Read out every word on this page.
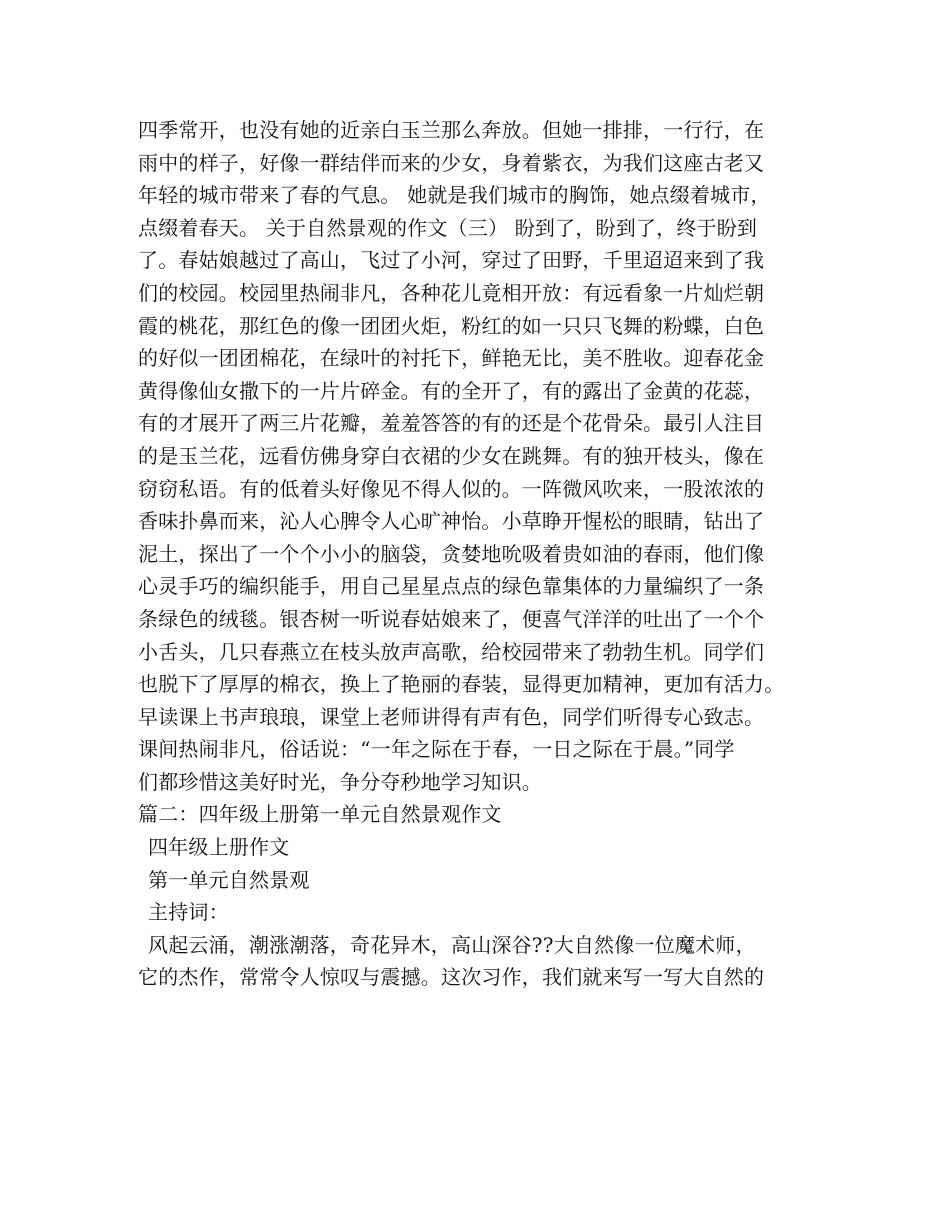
四季常开，也没有她的近亲白玉兰那么奔放。但她一排排，一行行，在
雨中的样子，好像一群结伴而来的少女，身着紫衣，为我们这座古老又
年轻的城市带来了春的气息。 她就是我们城市的胸饰，她点缀着城市，
点缀着春天。 关于自然景观的作文（三） 盼到了，盼到了，终于盼到
了。春姑娘越过了高山，飞过了小河，穿过了田野，千里迢迢来到了我
们的校园。校园里热闹非凡，各种花儿竟相开放：有远看象一片灿烂朝
霞的桃花，那红色的像一团团火炬，粉红的如一只只飞舞的粉蝶，白色
的好似一团团棉花，在绿叶的衬托下，鲜艳无比，美不胜收。迎春花金
黄得像仙女撒下的一片片碎金。有的全开了，有的露出了金黄的花蕊，
有的才展开了两三片花瓣，羞羞答答的有的还是个花骨朵。最引人注目
的是玉兰花，远看仿佛身穿白衣裙的少女在跳舞。有的独开枝头，像在
窃窃私语。有的低着头好像见不得人似的。一阵微风吹来，一股浓浓的
香味扑鼻而来，沁人心脾令人心旷神怡。小草睁开惺松的眼睛，钻出了
泥土，探出了一个个小小的脑袋，贪婪地吮吸着贵如油的春雨，他们像
心灵手巧的编织能手，用自己星星点点的绿色靠集体的力量编织了一条
条绿色的绒毯。银杏树一听说春姑娘来了，便喜气洋洋的吐出了一个个
小舌头，几只春燕立在枝头放声高歌，给校园带来了勃勃生机。同学们
也脱下了厚厚的棉衣，换上了艳丽的春装，显得更加精神，更加有活力。
早读课上书声琅琅，课堂上老师讲得有声有色，同学们听得专心致志。
课间热闹非凡，俗话说：“一年之际在于春，一日之际在于晨。”同学
们都珍惜这美好时光，争分夺秒地学习知识。
篇二：四年级上册第一单元自然景观作文
四年级上册作文
第一单元自然景观
主持词：
风起云涌，潮涨潮落，奇花异木，高山深谷??大自然像一位魔术师，
它的杰作，常常令人惊叹与震撼。这次习作，我们就来写一写大自然的
